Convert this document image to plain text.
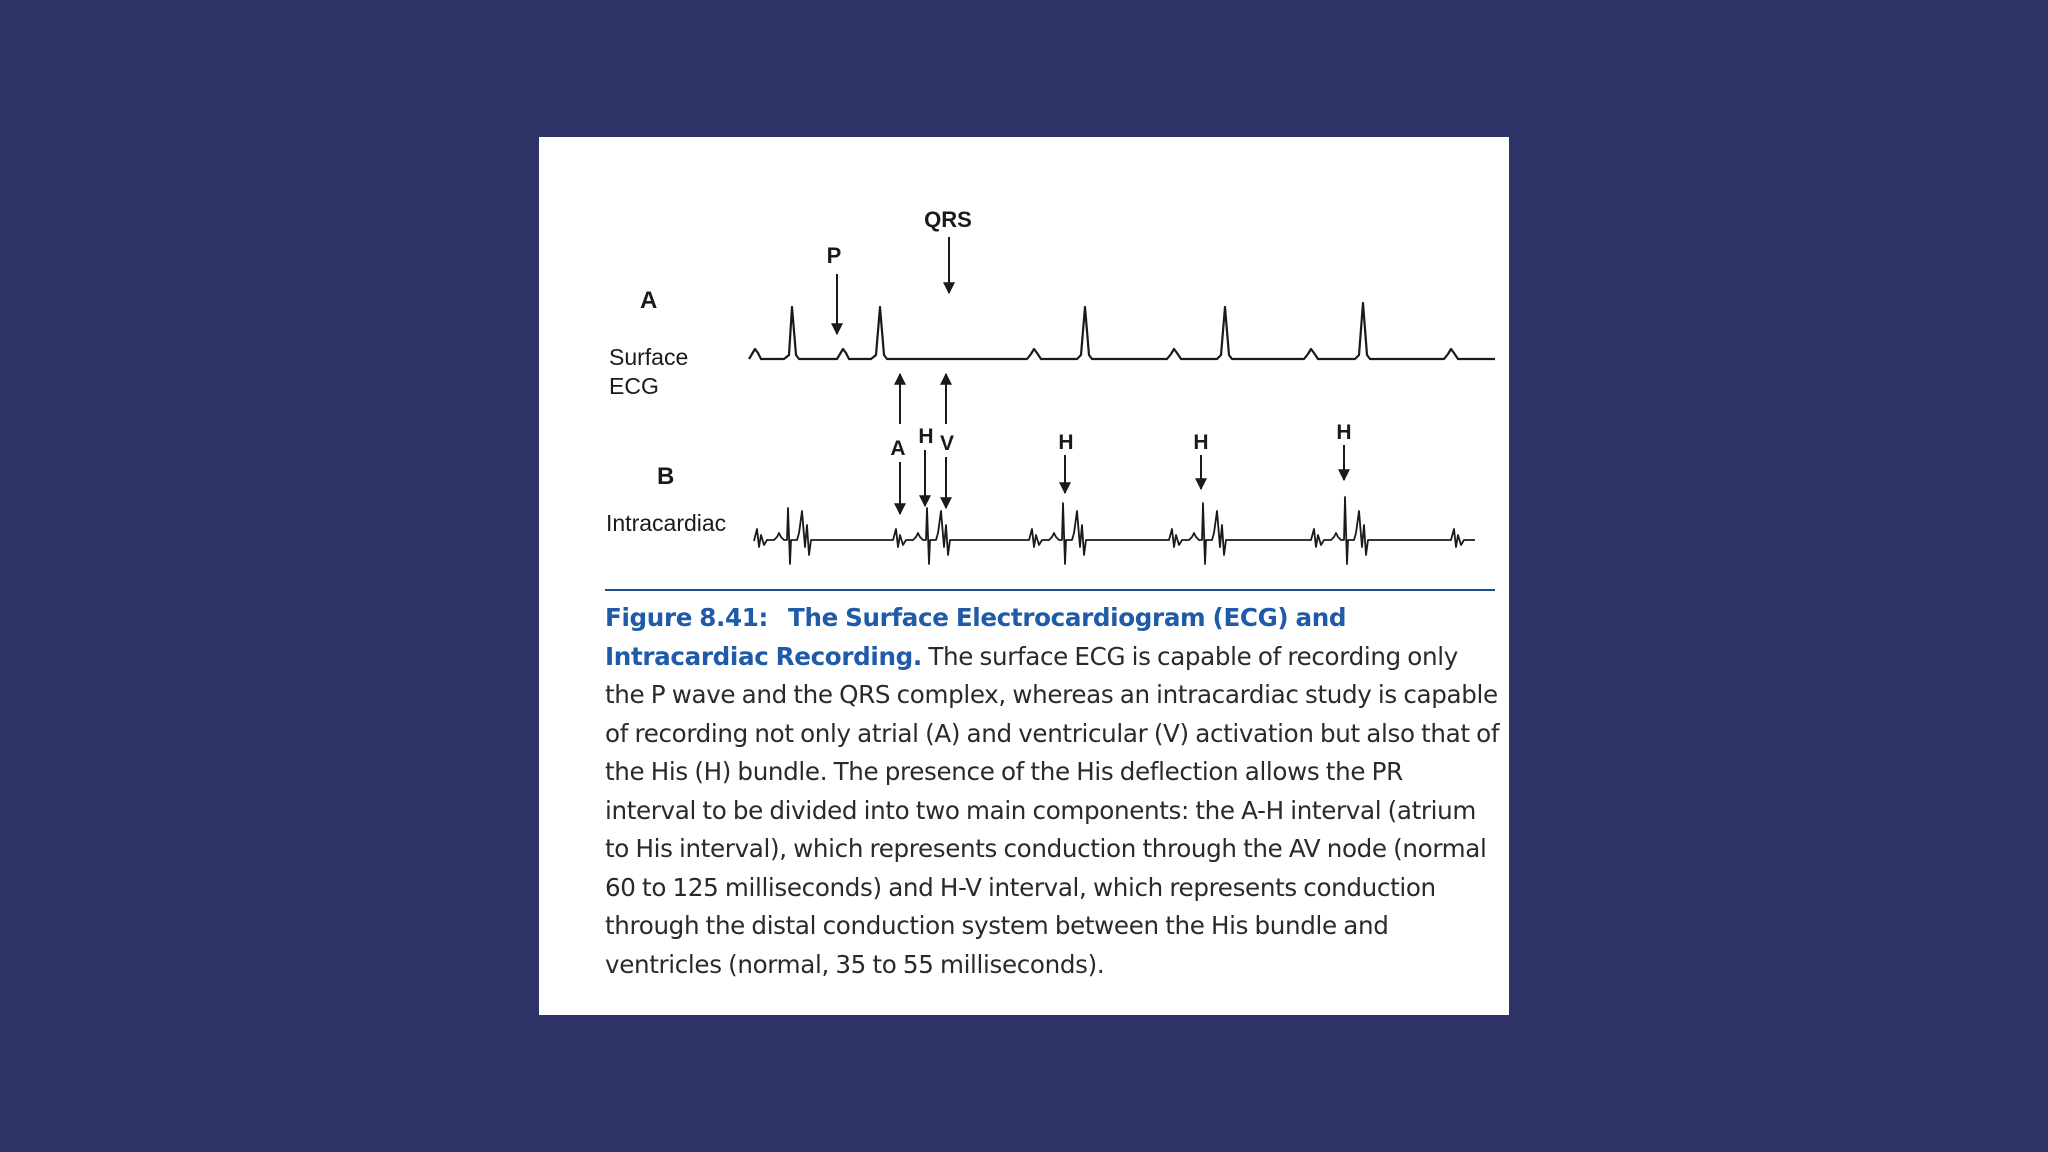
A
Surface
ECG
P
QRS
B
Intracardiac
A
H V	H	H	H

Figure 8.41: The Surface Electrocardiogram (ECG) and Intracardiac Recording. The surface ECG is capable of recording only the P wave and the QRS complex, whereas an intracardiac study is capable of recording not only atrial (A) and ventricular (V) activation but also that of the His (H) bundle. The presence of the His deflection allows the PR interval to be divided into two main components: the A-H interval (atrium to His interval), which represents conduction through the AV node (normal 60 to 125 milliseconds) and H-V interval, which represents conduction through the distal conduction system between the His bundle and ventricles (normal, 35 to 55 milliseconds).
